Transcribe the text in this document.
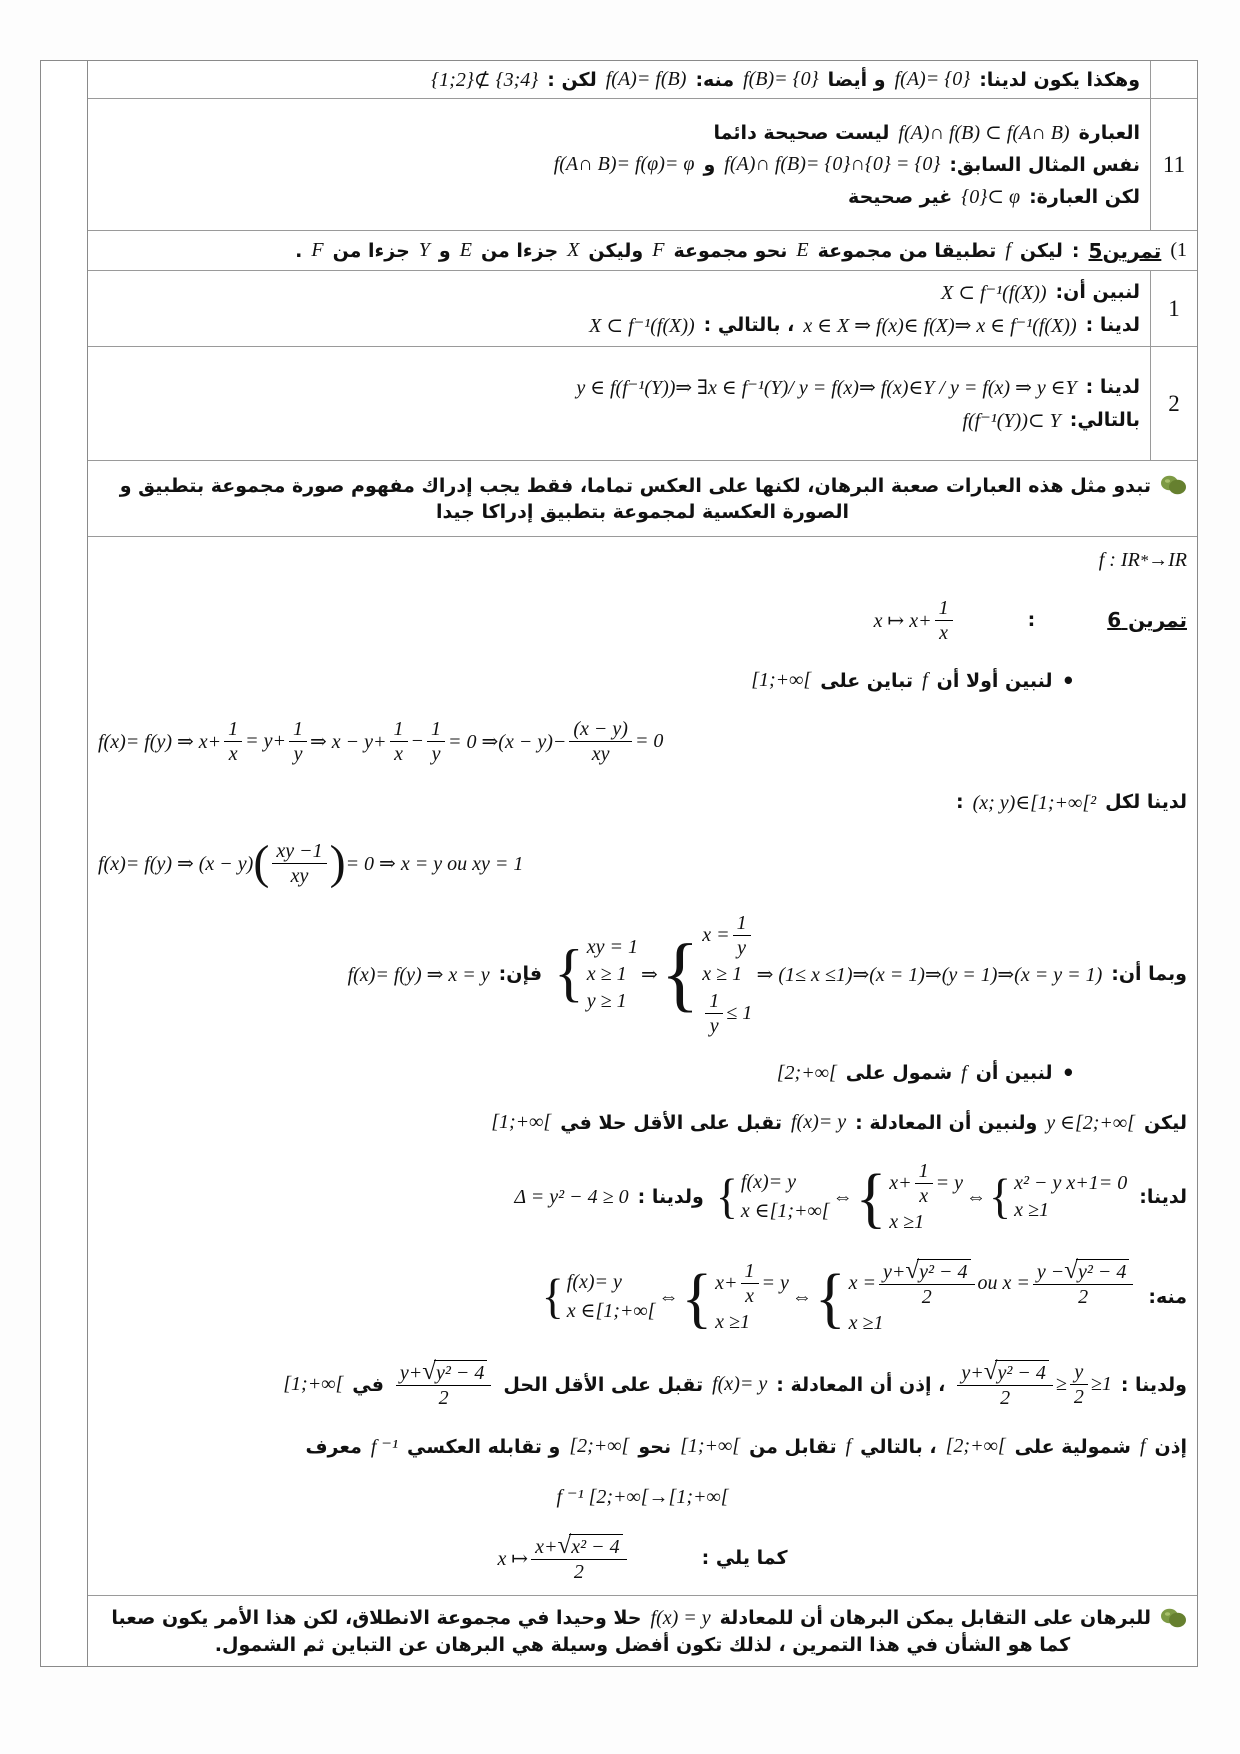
وهكذا يكون لدينا:
f(A)= {0}
و أيضا
f(B)= {0}
منه:
f(A)= f(B)
لكن :
{1;2}⊄ {3;4}
11
العبارة
f(A)∩ f(B) ⊂ f(A∩ B)
ليست صحيحة دائما
نفس المثال السابق:
f(A)∩ f(B)= {0}∩{0} = {0}
و
f(A∩ B)= f(φ)= φ
لكن العبارة:
{0}⊂ φ
غير صحيحة
(1
تمرين5
:
ليكن
f
تطبيقا من مجموعة
E
نحو مجموعة
F
وليكن
X
جزءا من
E
و
Y
جزءا من
F
.
1
لنبين أن:
X ⊂ f⁻¹(f(X))
لدينا :
x ∈ X ⇒ f(x)∈ f(X)⇒ x ∈ f⁻¹(f(X))
، بالتالي :
X ⊂ f⁻¹(f(X))
2
لدينا :
y ∈ f(f⁻¹(Y))⇒ ∃x ∈ f⁻¹(Y)/ y = f(x)⇒ f(x)∈Y / y = f(x) ⇒ y ∈Y
بالتالي:
f(f⁻¹(Y))⊂ Y
تبدو مثل هذه العبارات صعبة البرهان، لكنها على العكس تماما، فقط يجب إدراك مفهوم صورة مجموعة بتطبيق و
الصورة العكسية لمجموعة بتطبيق إدراكا جيدا
f : IR * →IR
تمرين 6
:
x ↦ $x+ \frac{1}{x}$
•
لنبين أولا أن
f
تباين على
[1;+∞[
f(x)= f(y) ⇒ $x+ \frac{1}{x} = y+ \frac{1}{y}$ ⇒ $x - y+ \frac{1}{x} - \frac{1}{y} = 0$ ⇒(x − $y)- \frac{(x - y)}{xy} = 0$
لدينا لكل
(x; y)∈[1;+∞[²
:
f(x)= f(y) ⇒ (x − y) ( $\frac{xy -1}{xy}$ ) = 0 ⇒ x = y ou xy = 1
وبما أن:
{ xy = 1
x ≥ 1
y ≥ 1
⇒ { $x = \frac{1}{y}$
x ≥ 1
$\frac{1}{y} \le 1$
⇒ (1≤ x ≤1)⇒(x = 1)⇒(y = 1)⇒(x = y = 1)
فإن:
f(x)= f(y) ⇒ x = y
•
لنبين أن
f
شمول على
[2;+∞[
ليكن
y ∈[2;+∞[
ولنبين أن المعادلة :
f(x)= y
تقبل على الأقل حلا في
[1;+∞[
لدينا:
{ f(x)= y
x ∈[1;+∞[
⇔ { $x+ \frac{1}{x} = y$
x ≥1
⇔ { x² − y x+1= 0
x ≥1
ولدينا :
Δ = y² − 4 ≥ 0
منه:
{ f(x)= y
x ∈[1;+∞[
⇔ { $x+ \frac{1}{x} = y$
x ≥1
⇔ { $x = \frac{\text{y+ √ y² − 4}}{2}$ ou $x = \frac{\text{y − √ y² − 4}}{2}$
x ≥1
ولدينا :
$\frac{\text{y+ √ y² − 4}}{2} \ge \frac{y}{2} \ge 1$
، إذن أن المعادلة :
f(x)= y
تقبل على الأقل الحل
$\frac{\text{y+ √ y² − 4}}{2}$
في
[1;+∞[
إذن
f
شمولية على
[2;+∞[
، بالتالي
f
تقابل من
[1;+∞[
نحو
[2;+∞[
و تقابله العكسي
f ⁻¹
معرف
f ⁻¹ [2;+∞[→[1;+∞[
كما يلي :
x ↦ $\frac{\text{x+ √ x² − 4}}{2}$
للبرهان على التقابل يمكن البرهان أن للمعادلة
f(x) = y
حلا وحيدا في مجموعة الانطلاق، لكن هذا الأمر يكون صعبا
كما هو الشأن في هذا التمرين ، لذلك تكون أفضل وسيلة هي البرهان عن التباين ثم الشمول.
